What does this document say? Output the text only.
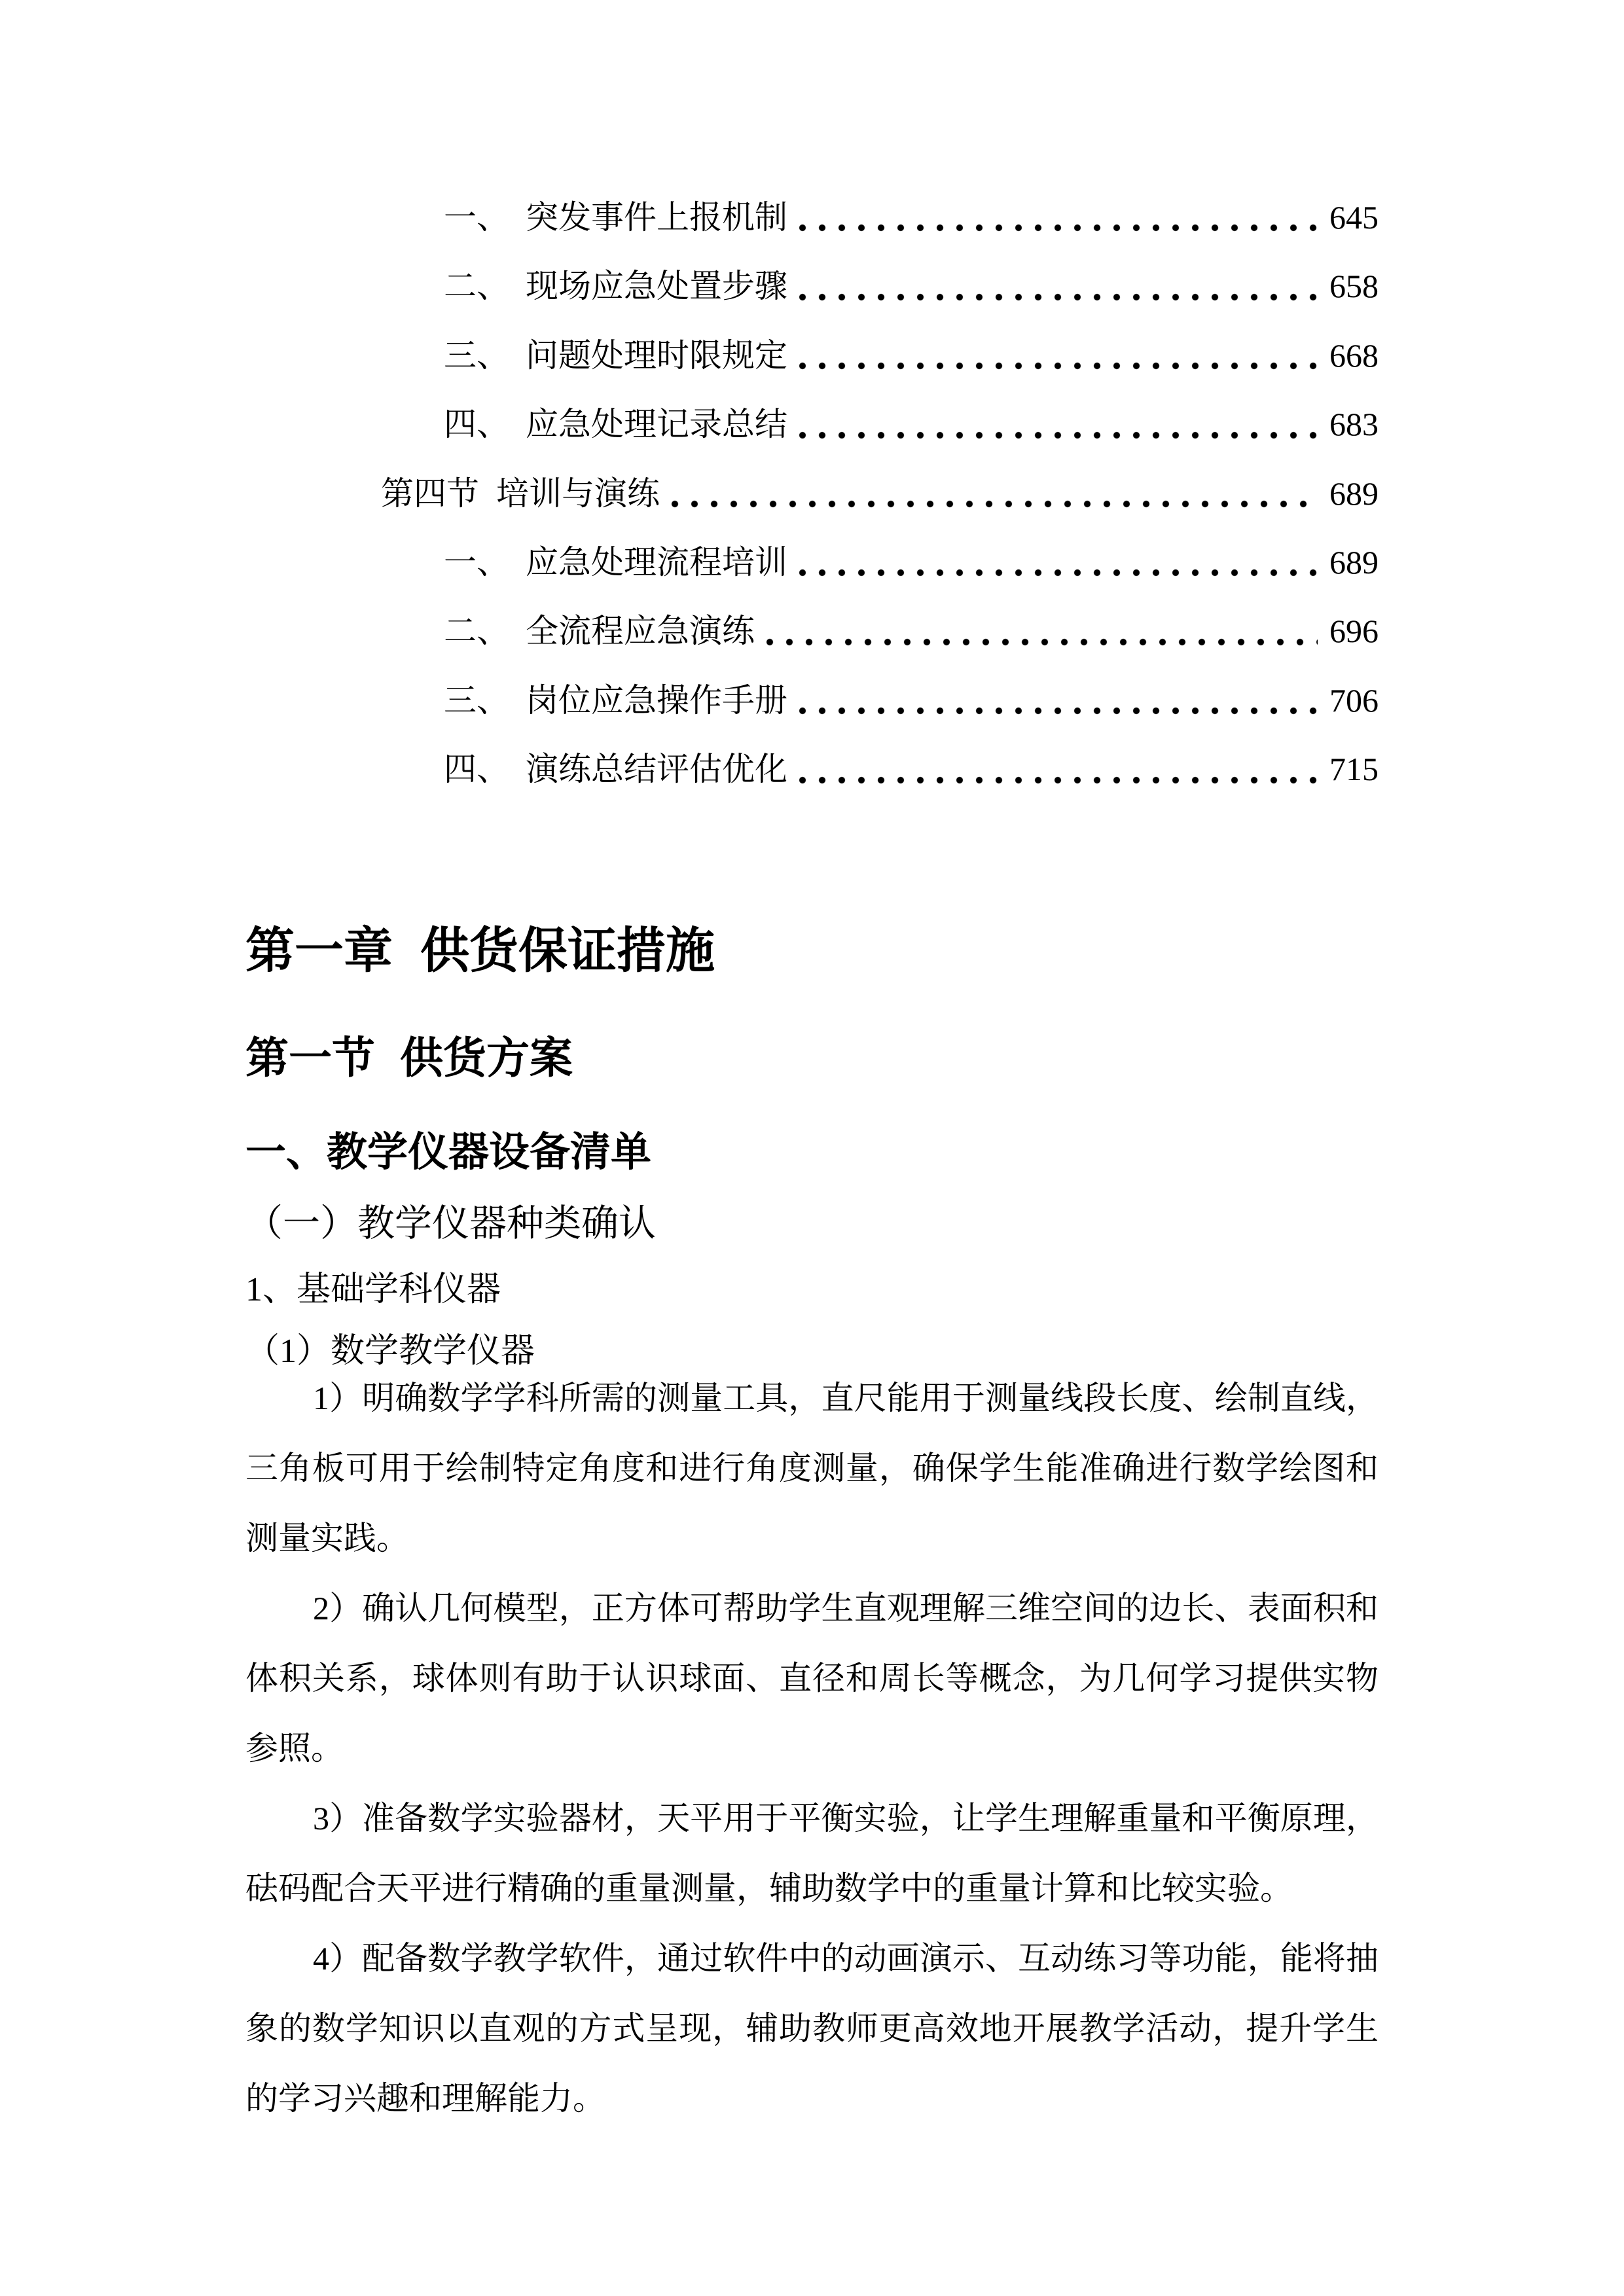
一、 突发事件上报机制	645
二、 现场应急处置步骤	658
三、 问题处理时限规定	668
四、 应急处理记录总结	683
第四节 培训与演练	689
一、 应急处理流程培训	689
二、 全流程应急演练	696
三、 岗位应急操作手册	706
四、 演练总结评估优化	715
第一章 供货保证措施
第一节 供货方案
一、教学仪器设备清单
（一）教学仪器种类确认
1、基础学科仪器
（1）数学教学仪器

1）明确数学学科所需的测量工具，直尺能用于测量线段长度、绘制直线，三角板可用于绘制特定角度和进行角度测量，确保学生能准确进行数学绘图和测量实践。

2）确认几何模型，正方体可帮助学生直观理解三维空间的边长、表面积和体积关系，球体则有助于认识球面、直径和周长等概念，为几何学习提供实物参照。

3）准备数学实验器材，天平用于平衡实验，让学生理解重量和平衡原理，砝码配合天平进行精确的重量测量，辅助数学中的重量计算和比较实验。

4）配备数学教学软件，通过软件中的动画演示、互动练习等功能，能将抽象的数学知识以直观的方式呈现，辅助教师更高效地开展教学活动，提升学生的学习兴趣和理解能力。
